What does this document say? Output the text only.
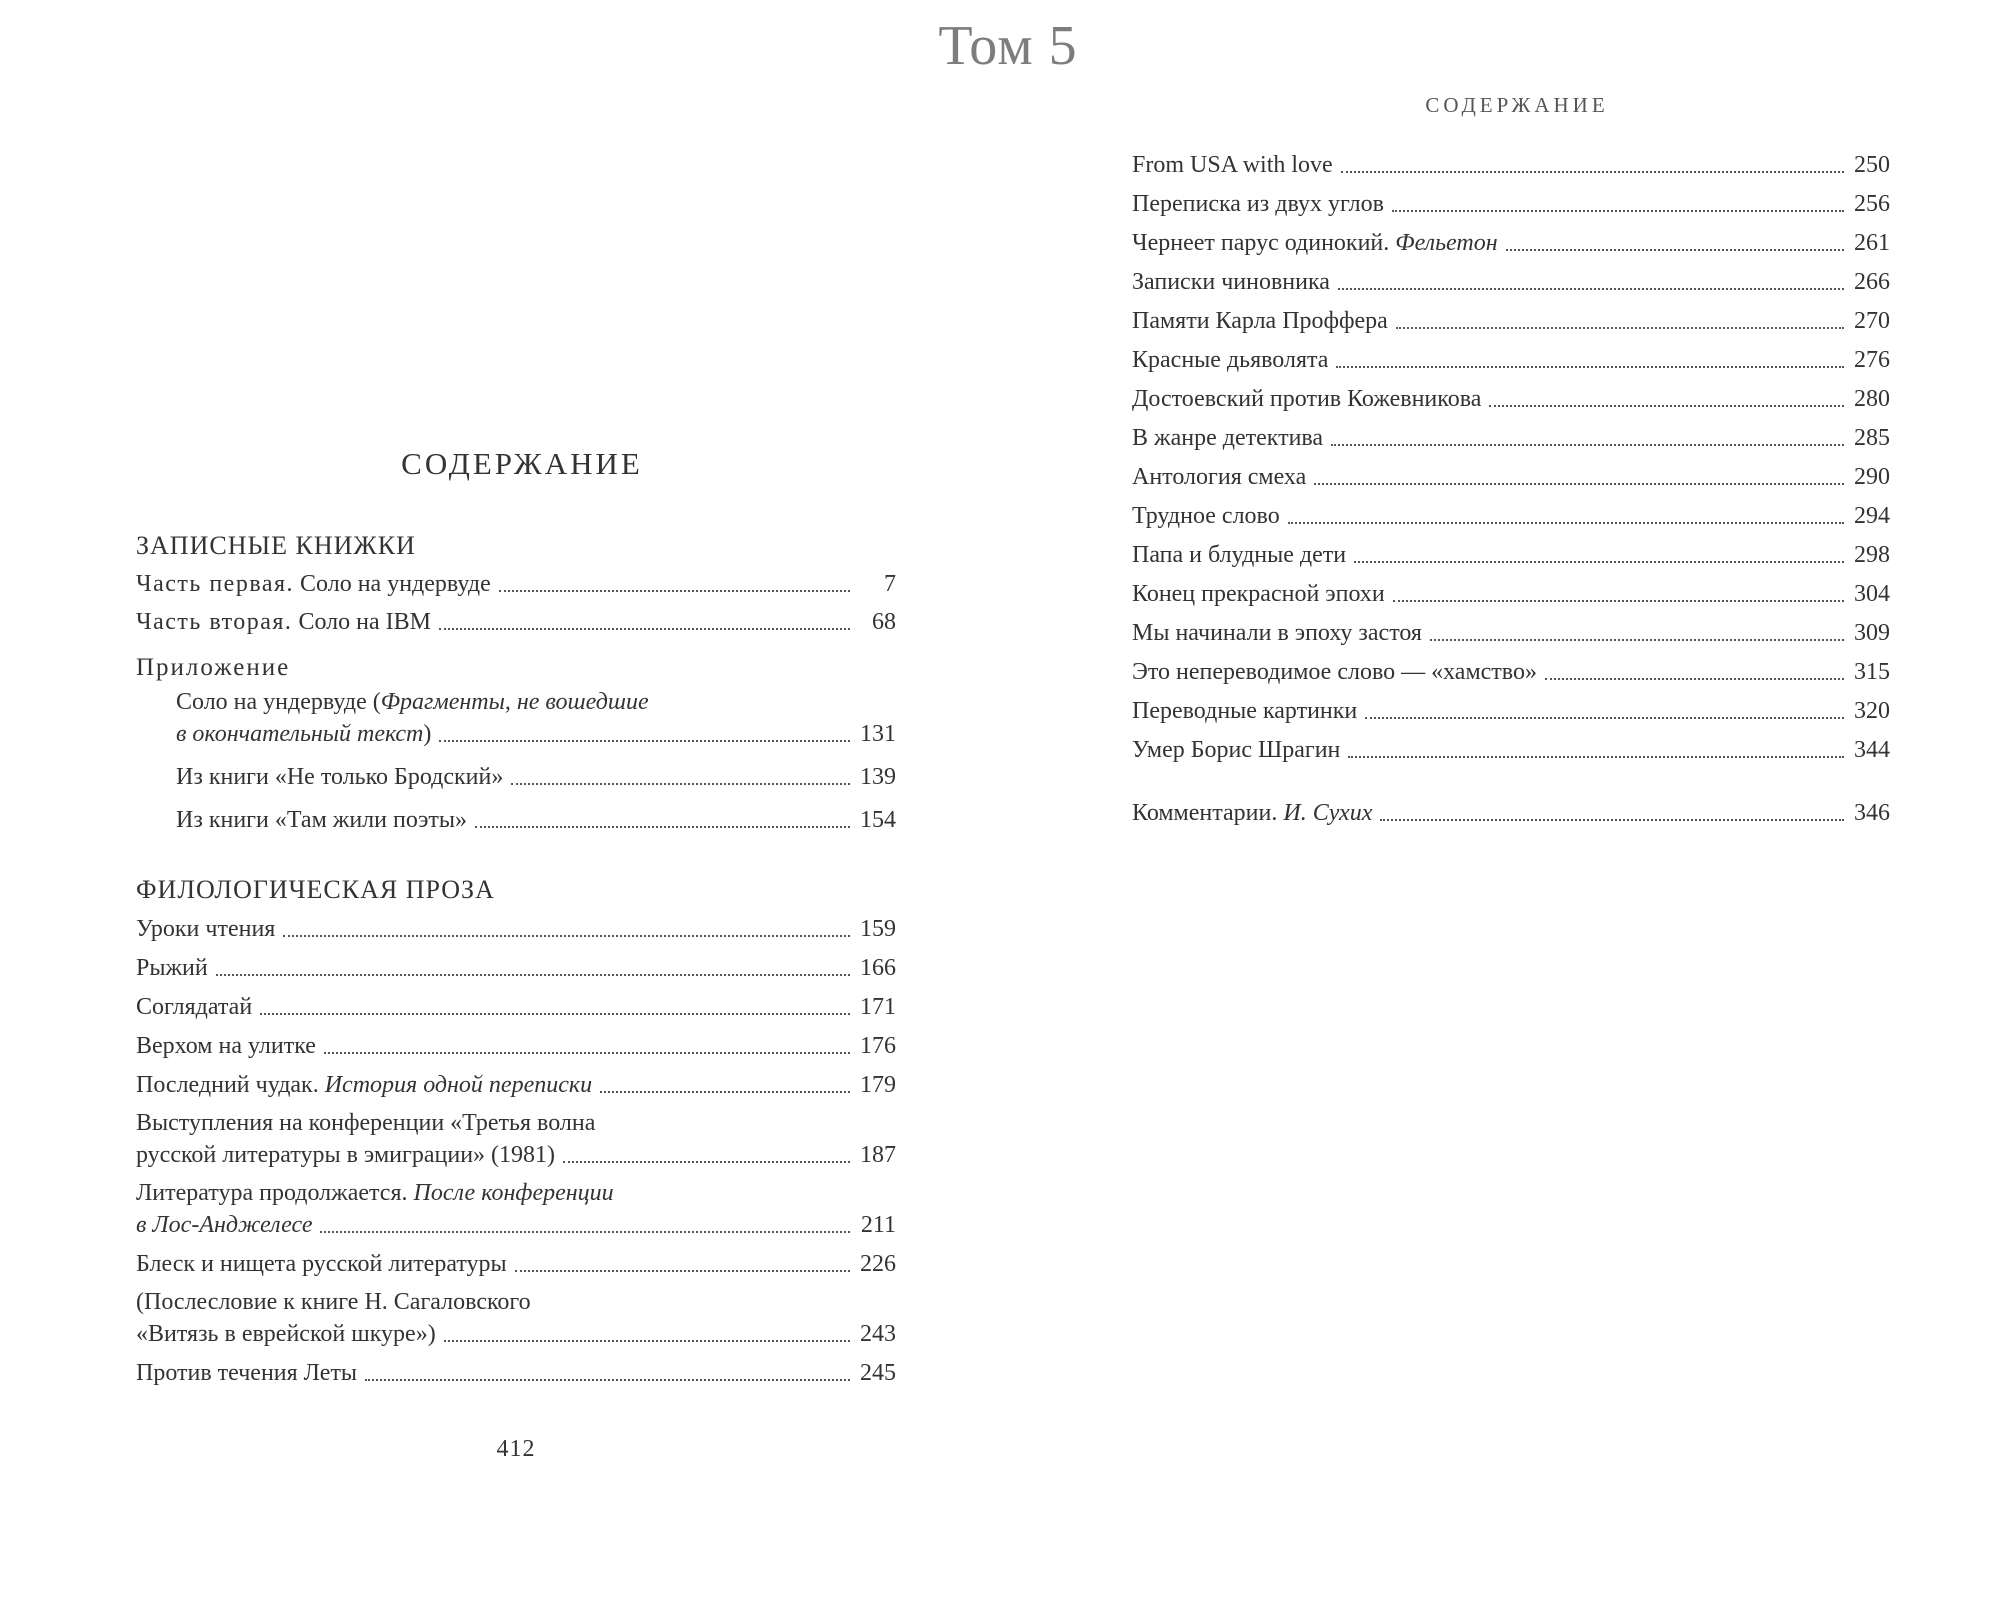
Том 5
СОДЕРЖАНИЕ
ЗАПИСНЫЕ КНИЖКИ
Часть первая. Соло на ундервуде	7
Часть вторая. Соло на IBM	68
Приложение
Соло на ундервуде (Фрагменты, не вошедшие
в окончательный текст)	131
Из книги «Не только Бродский»	139
Из книги «Там жили поэты»	154
ФИЛОЛОГИЧЕСКАЯ ПРОЗА
Уроки чтения	159
Рыжий	166
Соглядатай	171
Верхом на улитке	176
Последний чудак. История одной переписки	179
Выступления на конференции «Третья волна
русской литературы в эмиграции» (1981)	187
Литература продолжается. После конференции
в Лос-Анджелесе	211
Блеск и нищета русской литературы	226
(Послесловие к книге Н. Сагаловского
«Витязь в еврейской шкуре»)	243
Против течения Леты	245
412
СОДЕРЖАНИЕ
From USA with love	250
Переписка из двух углов	256
Чернеет парус одинокий. Фельетон	261
Записки чиновника	266
Памяти Карла Проффера	270
Красные дьяволята	276
Достоевский против Кожевникова	280
В жанре детектива	285
Антология смеха	290
Трудное слово	294
Папа и блудные дети	298
Конец прекрасной эпохи	304
Мы начинали в эпоху застоя	309
Это непереводимое слово — «хамство»	315
Переводные картинки	320
Умер Борис Шрагин	344
Комментарии. И. Сухих	346
